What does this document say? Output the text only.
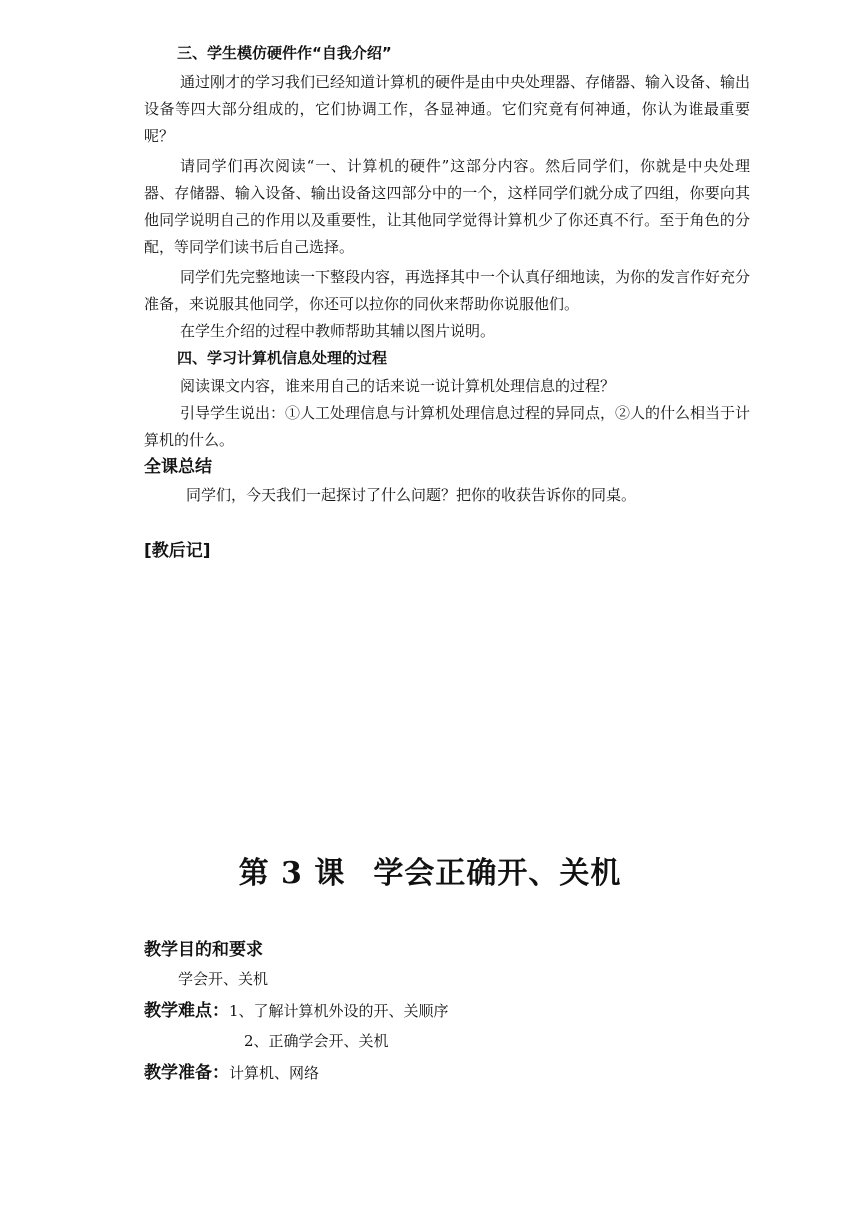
三、学生模仿硬件作“自我介绍”

通过刚才的学习我们已经知道计算机的硬件是由中央处理器、存储器、输入设备、输出设备等四大部分组成的，它们协调工作，各显神通。它们究竟有何神通，你认为谁最重要呢？

请同学们再次阅读“一、计算机的硬件”这部分内容。然后同学们，你就是中央处理器、存储器、输入设备、输出设备这四部分中的一个，这样同学们就分成了四组，你要向其他同学说明自己的作用以及重要性，让其他同学觉得计算机少了你还真不行。至于角色的分配，等同学们读书后自己选择。

同学们先完整地读一下整段内容，再选择其中一个认真仔细地读，为你的发言作好充分准备，来说服其他同学，你还可以拉你的同伙来帮助你说服他们。

在学生介绍的过程中教师帮助其辅以图片说明。

四、学习计算机信息处理的过程

阅读课文内容，谁来用自己的话来说一说计算机处理信息的过程？

引导学生说出：①人工处理信息与计算机处理信息过程的异同点，②人的什么相当于计算机的什么。

全课总结

同学们，今天我们一起探讨了什么问题？把你的收获告诉你的同桌。

[教后记]

第 3 课 学会正确开、关机

教学目的和要求

学会开、关机

教学难点：1、了解计算机外设的开、关顺序

2、正确学会开、关机

教学准备：计算机、网络
